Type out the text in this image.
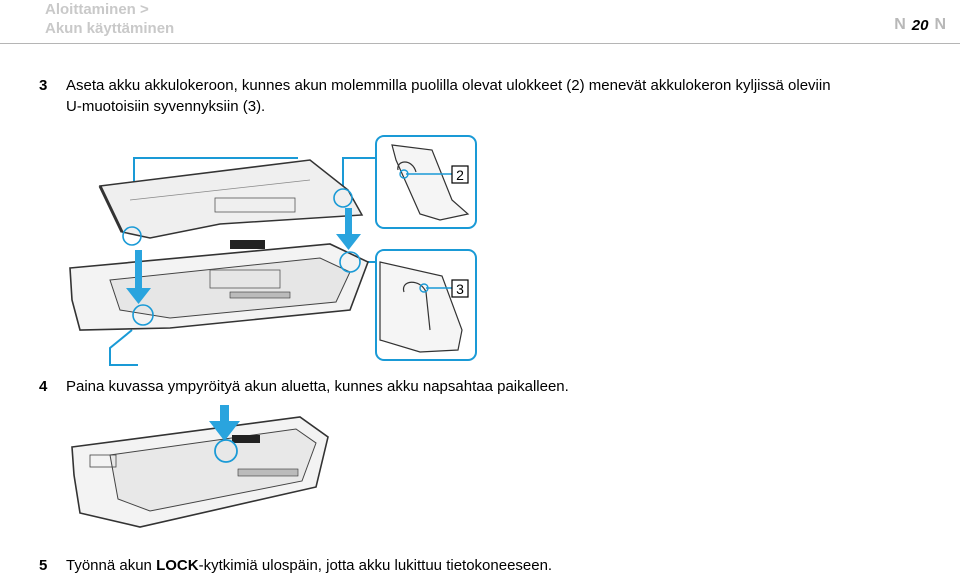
Aloittaminen >
Akun käyttäminen	N 20 N
3 Aseta akku akkulokeroon, kunnes akun molemmilla puolilla olevat ulokkeet (2) menevät akkulokeron kyljissä oleviin
U-muotoisiin syvennyksiin (3).
2
3
4 Paina kuvassa ympyröityä akun aluetta, kunnes akku napsahtaa paikalleen.
5 Työnnä akun LOCK-kytkimiä ulospäin, jotta akku lukittuu tietokoneeseen.
